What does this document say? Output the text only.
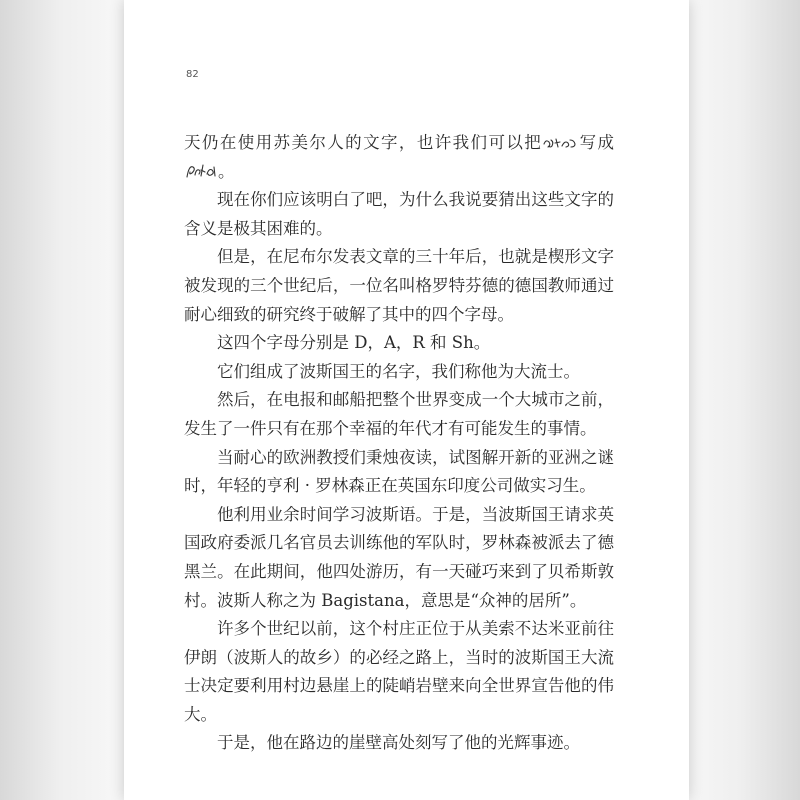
82

天仍在使用苏美尔人的文字，也许我们可以把 写成。

现在你们应该明白了吧，为什么我说要猜出这些文字的含义是极其困难的。

但是，在尼布尔发表文章的三十年后，也就是楔形文字被发现的三个世纪后，一位名叫格罗特芬德的德国教师通过耐心细致的研究终于破解了其中的四个字母。

这四个字母分别是 D，A，R 和 Sh。

它们组成了波斯国王的名字，我们称他为大流士。

然后，在电报和邮船把整个世界变成一个大城市之前，发生了一件只有在那个幸福的年代才有可能发生的事情。

当耐心的欧洲教授们秉烛夜读，试图解开新的亚洲之谜时，年轻的亨利 · 罗林森正在英国东印度公司做实习生。

他利用业余时间学习波斯语。于是，当波斯国王请求英国政府委派几名官员去训练他的军队时，罗林森被派去了德黑兰。在此期间，他四处游历，有一天碰巧来到了贝希斯敦村。波斯人称之为 Bagistana，意思是“众神的居所”。

许多个世纪以前，这个村庄正位于从美索不达米亚前往伊朗（波斯人的故乡）的必经之路上，当时的波斯国王大流士决定要利用村边悬崖上的陡峭岩壁来向全世界宣告他的伟大。

于是，他在路边的崖壁高处刻写了他的光辉事迹。
